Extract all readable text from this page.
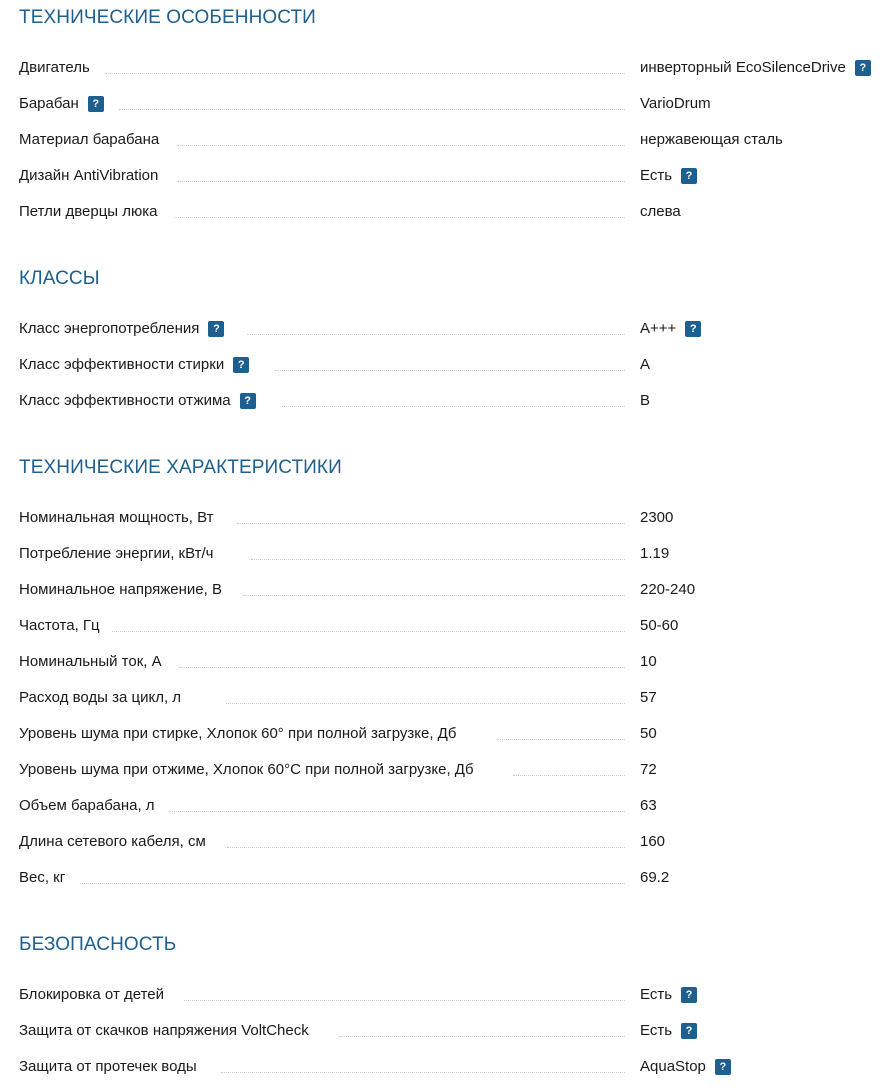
ТЕХНИЧЕСКИЕ ОСОБЕННОСТИ
Двигатель	инверторный EcoSilenceDrive	?
Барабан	?	VarioDrum
Материал барабана	нержавеющая сталь
Дизайн AntiVibration	Есть	?
Петли дверцы люка	слева
КЛАССЫ
Класс энергопотребления	?	A+++	?
Класс эффективности стирки	?	A
Класс эффективности отжима	?	B
ТЕХНИЧЕСКИЕ ХАРАКТЕРИСТИКИ
Номинальная мощность, Вт	2300
Потребление энергии, кВт/ч	1.19
Номинальное напряжение, В	220-240
Частота, Гц	50-60
Номинальный ток, А	10
Расход воды за цикл, л	57
Уровень шума при стирке, Хлопок 60° при полной загрузке, Дб	50
Уровень шума при отжиме, Хлопок 60°C при полной загрузке, Дб	72
Объем барабана, л	63
Длина сетевого кабеля, см	160
Вес, кг	69.2
БЕЗОПАСНОСТЬ
Блокировка от детей	Есть	?
Защита от скачков напряжения VoltCheck	Есть	?
Защита от протечек воды	AquaStop	?
